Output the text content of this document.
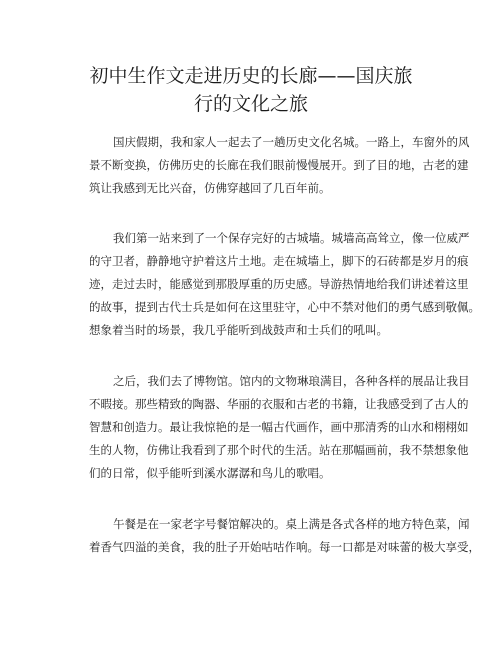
初中生作文走进历史的长廊——国庆旅
行的文化之旅
国庆假期，我和家人一起去了一趟历史文化名城。一路上，车窗外的风
景不断变换，仿佛历史的长廊在我们眼前慢慢展开。到了目的地，古老的建
筑让我感到无比兴奋，仿佛穿越回了几百年前。
我们第一站来到了一个保存完好的古城墙。城墙高高耸立，像一位威严
的守卫者，静静地守护着这片土地。走在城墙上，脚下的石砖都是岁月的痕
迹，走过去时，能感觉到那股厚重的历史感。导游热情地给我们讲述着这里
的故事，提到古代士兵是如何在这里驻守，心中不禁对他们的勇气感到敬佩。
想象着当时的场景，我几乎能听到战鼓声和士兵们的吼叫。
之后，我们去了博物馆。馆内的文物琳琅满目，各种各样的展品让我目
不暇接。那些精致的陶器、华丽的衣服和古老的书籍，让我感受到了古人的
智慧和创造力。最让我惊艳的是一幅古代画作，画中那清秀的山水和栩栩如
生的人物，仿佛让我看到了那个时代的生活。站在那幅画前，我不禁想象他
们的日常，似乎能听到溪水潺潺和鸟儿的歌唱。
午餐是在一家老字号餐馆解决的。桌上满是各式各样的地方特色菜，闻
着香气四溢的美食，我的肚子开始咕咕作响。每一口都是对味蕾的极大享受，
